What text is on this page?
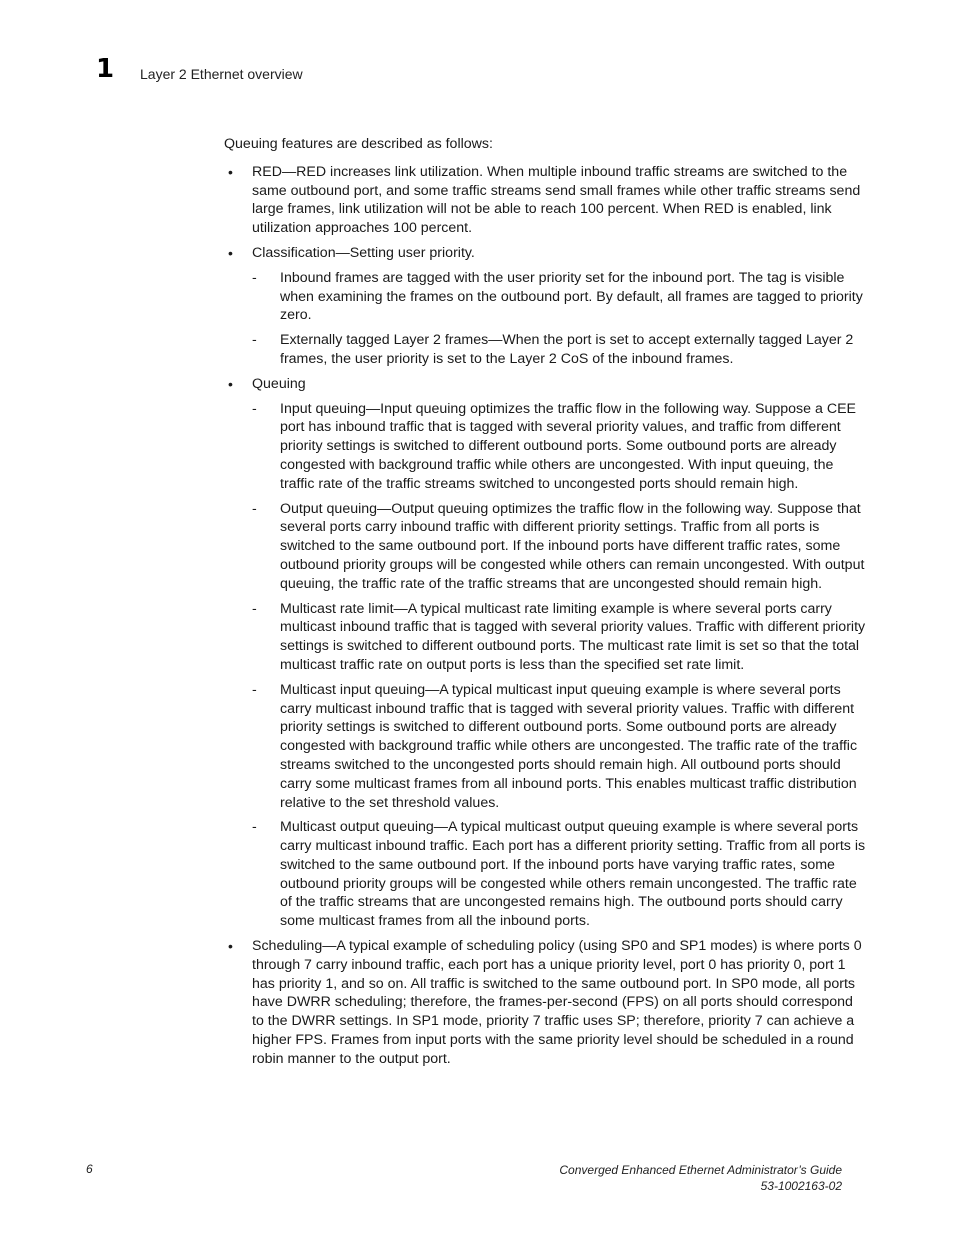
1 Layer 2 Ethernet overview

Queuing features are described as follows:

• RED—RED increases link utilization. When multiple inbound traffic streams are switched to the same outbound port, and some traffic streams send small frames while other traffic streams send large frames, link utilization will not be able to reach 100 percent. When RED is enabled, link utilization approaches 100 percent.
• Classification—Setting user priority.
- Inbound frames are tagged with the user priority set for the inbound port. The tag is visible when examining the frames on the outbound port. By default, all frames are tagged to priority zero.
- Externally tagged Layer 2 frames—When the port is set to accept externally tagged Layer 2 frames, the user priority is set to the Layer 2 CoS of the inbound frames.
• Queuing
- Input queuing—Input queuing optimizes the traffic flow in the following way. Suppose a CEE port has inbound traffic that is tagged with several priority values, and traffic from different priority settings is switched to different outbound ports. Some outbound ports are already congested with background traffic while others are uncongested. With input queuing, the traffic rate of the traffic streams switched to uncongested ports should remain high.
- Output queuing—Output queuing optimizes the traffic flow in the following way. Suppose that several ports carry inbound traffic with different priority settings. Traffic from all ports is switched to the same outbound port. If the inbound ports have different traffic rates, some outbound priority groups will be congested while others can remain uncongested. With output queuing, the traffic rate of the traffic streams that are uncongested should remain high.
- Multicast rate limit—A typical multicast rate limiting example is where several ports carry multicast inbound traffic that is tagged with several priority values. Traffic with different priority settings is switched to different outbound ports. The multicast rate limit is set so that the total multicast traffic rate on output ports is less than the specified set rate limit.
- Multicast input queuing—A typical multicast input queuing example is where several ports carry multicast inbound traffic that is tagged with several priority values. Traffic with different priority settings is switched to different outbound ports. Some outbound ports are already congested with background traffic while others are uncongested. The traffic rate of the traffic streams switched to the uncongested ports should remain high. All outbound ports should carry some multicast frames from all inbound ports. This enables multicast traffic distribution relative to the set threshold values.
- Multicast output queuing—A typical multicast output queuing example is where several ports carry multicast inbound traffic. Each port has a different priority setting. Traffic from all ports is switched to the same outbound port. If the inbound ports have varying traffic rates, some outbound priority groups will be congested while others remain uncongested. The traffic rate of the traffic streams that are uncongested remains high. The outbound ports should carry some multicast frames from all the inbound ports.
• Scheduling—A typical example of scheduling policy (using SP0 and SP1 modes) is where ports 0 through 7 carry inbound traffic, each port has a unique priority level, port 0 has priority 0, port 1 has priority 1, and so on. All traffic is switched to the same outbound port. In SP0 mode, all ports have DWRR scheduling; therefore, the frames-per-second (FPS) on all ports should correspond to the DWRR settings. In SP1 mode, priority 7 traffic uses SP; therefore, priority 7 can achieve a higher FPS. Frames from input ports with the same priority level should be scheduled in a round robin manner to the output port.
6	Converged Enhanced Ethernet Administrator’s Guide
53-1002163-02
